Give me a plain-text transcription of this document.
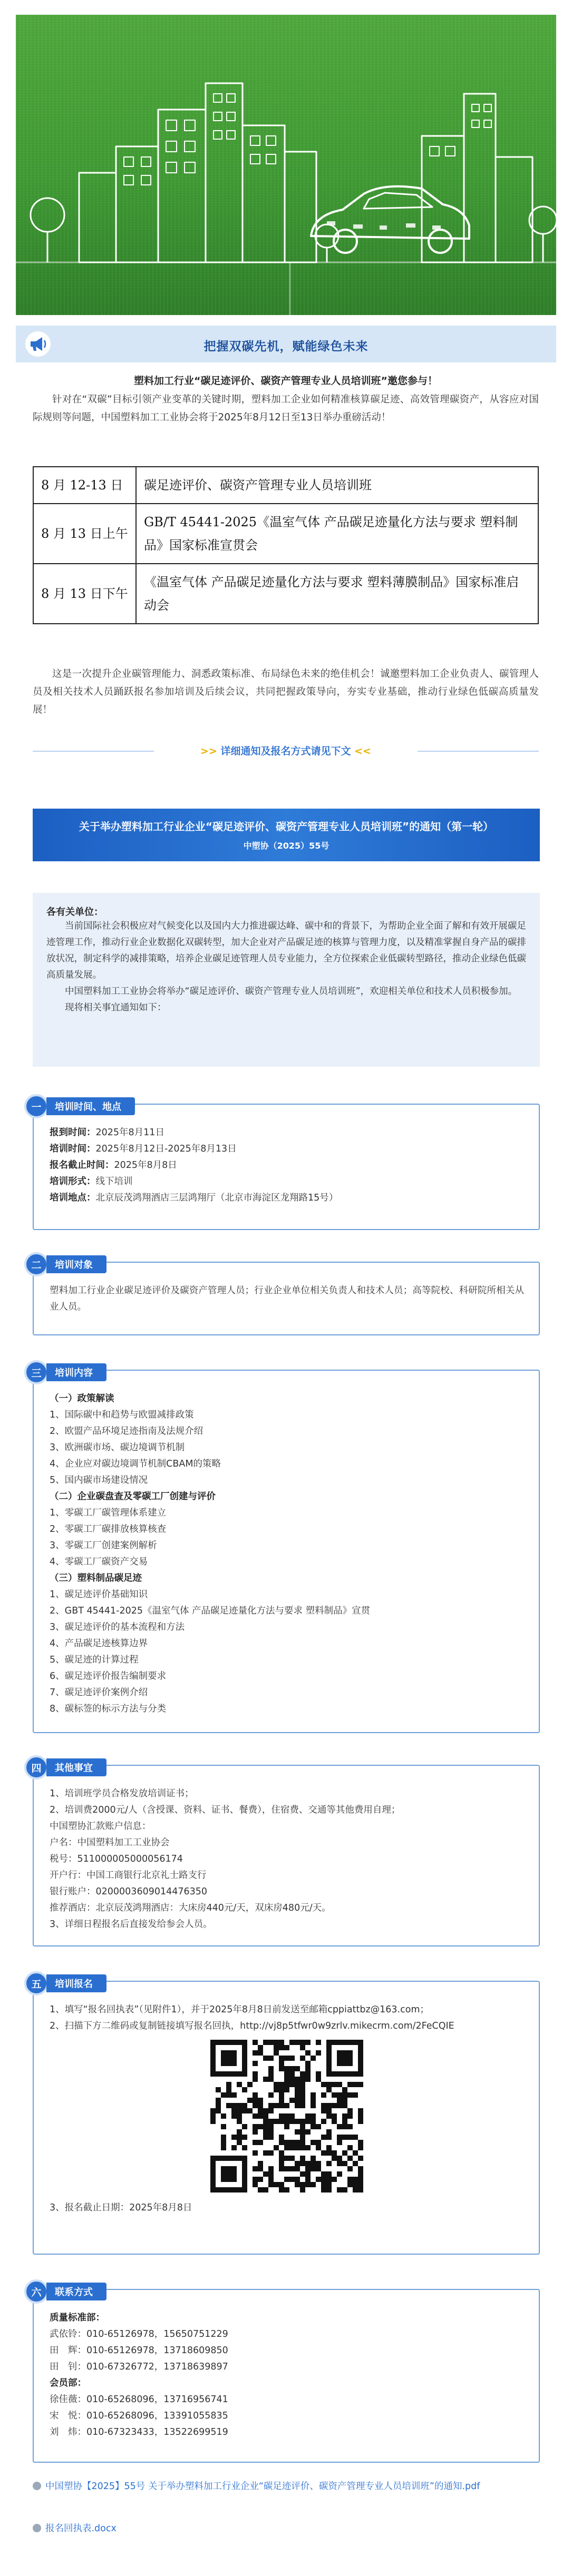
把握双碳先机，赋能绿色未来
塑料加工行业“碳足迹评价、碳资产管理专业人员培训班”邀您参与！
针对在“双碳”目标引领产业变革的关键时期，塑料加工企业如何精准核算碳足迹、高效管理碳资产，从容应对国际规则等问题，中国塑料加工工业协会将于2025年8月12日至13日举办重磅活动！
8 月 12-13 日	碳足迹评价、碳资产管理专业人员培训班
8 月 13 日上午	GB/T 45441-2025《温室气体 产品碳足迹量化方法与要求 塑料制品》国家标准宣贯会
8 月 13 日下午	《温室气体 产品碳足迹量化方法与要求 塑料薄膜制品》国家标准启动会
这是一次提升企业碳管理能力、洞悉政策标准、布局绿色未来的绝佳机会！诚邀塑料加工企业负责人、碳管理人员及相关技术人员踊跃报名参加培训及后续会议，共同把握政策导向，夯实专业基础，推动行业绿色低碳高质量发展！
>> 详细通知及报名方式请见下文 <<
关于举办塑料加工行业企业“碳足迹评价、碳资产管理专业人员培训班”的通知（第一轮）
中塑协（2025）55号
各有关单位：

当前国际社会积极应对气候变化以及国内大力推进碳达峰、碳中和的背景下，为帮助企业全面了解和有效开展碳足迹管理工作，推动行业企业数据化双碳转型，加大企业对产品碳足迹的核算与管理力度，以及精准掌握自身产品的碳排放状况，制定科学的减排策略，培养企业碳足迹管理人员专业能力，全方位探索企业低碳转型路径，推动企业绿色低碳高质量发展。

中国塑料加工工业协会将举办“碳足迹评价、碳资产管理专业人员培训班”，欢迎相关单位和技术人员积极参加。

现将相关事宜通知如下：

一	培训时间、地点
报到时间：2025年8月11日
培训时间：2025年8月12日-2025年8月13日
报名截止时间：2025年8月8日
培训形式：线下培训
培训地点：北京辰茂鸿翔酒店三层鸿翔厅（北京市海淀区龙翔路15号）
二	培训对象
塑料加工行业企业碳足迹评价及碳资产管理人员；行业企业单位相关负责人和技术人员；高等院校、科研院所相关从业人员。
三	培训内容
（一）政策解读
1、国际碳中和趋势与欧盟减排政策
2、欧盟产品环境足迹指南及法规介绍
3、欧洲碳市场、碳边境调节机制
4、企业应对碳边境调节机制CBAM的策略
5、国内碳市场建设情况
（二）企业碳盘查及零碳工厂创建与评价
1、零碳工厂碳管理体系建立
2、零碳工厂碳排放核算核查
3、零碳工厂创建案例解析
4、零碳工厂碳资产交易
（三）塑料制品碳足迹
1、碳足迹评价基础知识
2、GBT 45441-2025《温室气体 产品碳足迹量化方法与要求 塑料制品》宣贯
3、碳足迹评价的基本流程和方法
4、产品碳足迹核算边界
5、碳足迹的计算过程
6、碳足迹评价报告编制要求
7、碳足迹评价案例介绍
8、碳标签的标示方法与分类
四	其他事宜
1、培训班学员合格发放培训证书；
2、培训费2000元/人（含授课、资料、证书、餐费），住宿费、交通等其他费用自理；
中国塑协汇款账户信息：
户名：中国塑料加工工业协会
税号：511000005000056174
开户行：中国工商银行北京礼士路支行
银行账户：0200003609014476350
推荐酒店：北京辰茂鸿翔酒店：大床房440元/天，双床房480元/天。
3、详细日程报名后直接发给参会人员。
五	培训报名
1、填写“报名回执表”（见附件1），并于2025年8月8日前发送至邮箱cppiattbz@163.com；
2、扫描下方二维码或复制链接填写报名回执，http://vj8p5tfwr0w9zrlv.mikecrm.com/2FeCQIE
3、报名截止日期：2025年8月8日
六	联系方式
质量标准部：
武依铃：010-65126978，15650751229
田　辉：010-65126978，13718609850
田　钊：010-67326772，13718639897
会员部：
徐佳薇：010-65268096，13716956741
宋　悦：010-65268096，13391055835
刘　炜：010-67323433，13522699519
中国塑协【2025】55号 关于举办塑料加工行业企业“碳足迹评价、碳资产管理专业人员培训班”的通知.pdf
报名回执表.docx
